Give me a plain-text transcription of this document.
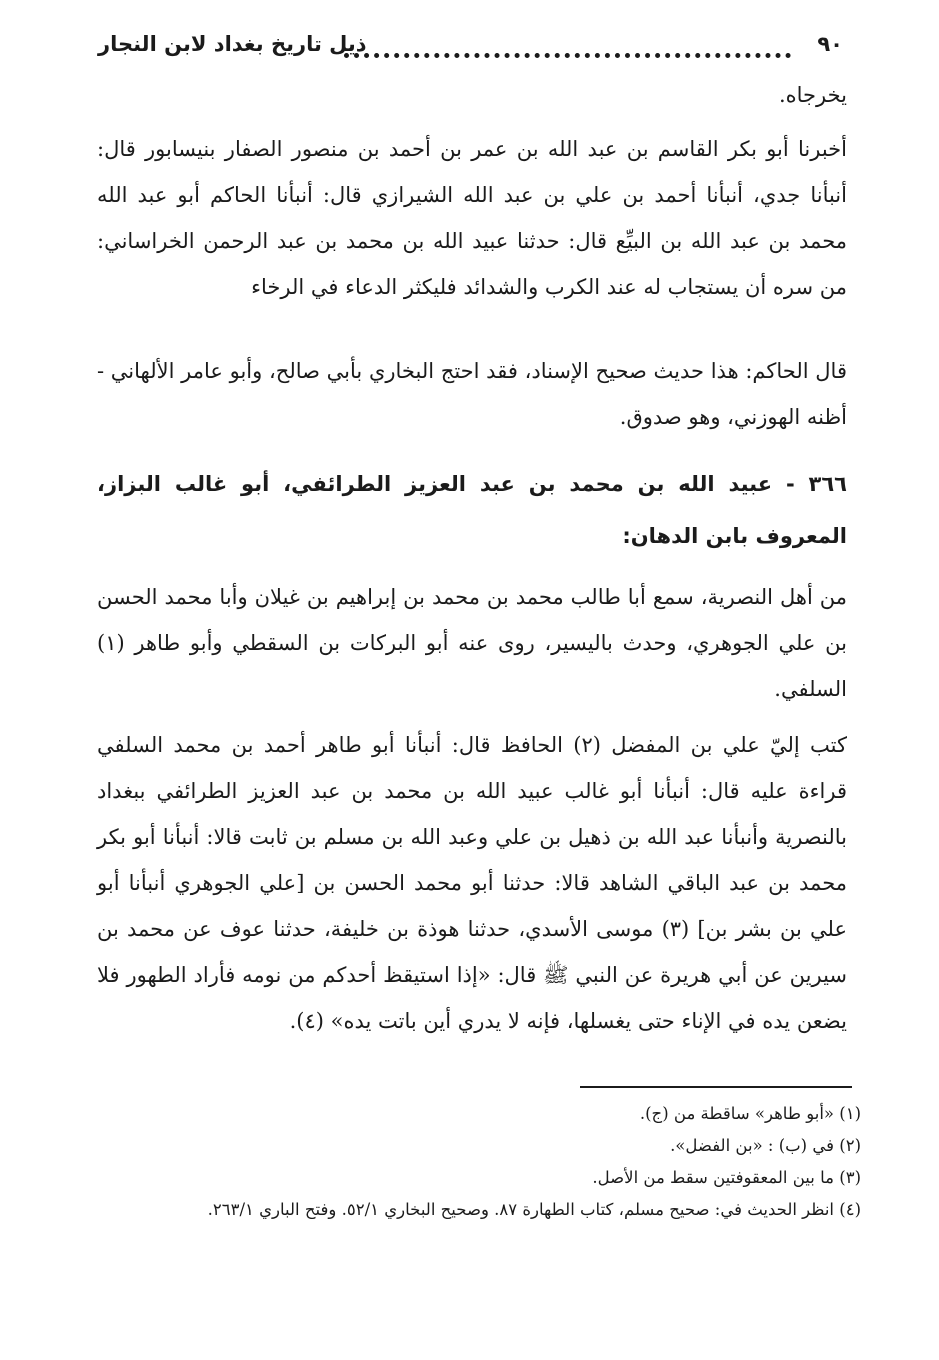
٩٠
ذيل تاريخ بغداد لابن النجار
يخرجاه.
أخبرنا أبو بكر القاسم بن عبد الله بن عمر بن أحمد بن منصور الصفار بنيسابور قال: أنبأنا جدي، أنبأنا أحمد بن علي بن عبد الله الشيرازي قال: أنبأنا الحاكم أبو عبد الله محمد بن عبد الله بن البيِّع قال: حدثنا عبيد الله بن محمد بن عبد الرحمن الخراساني: من سره أن يستجاب له عند الكرب والشدائد فليكثر الدعاء في الرخاء
قال الحاكم: هذا حديث صحيح الإسناد، فقد احتج البخاري بأبي صالح، وأبو عامر الألهاني - أظنه الهوزني، وهو صدوق.
٣٦٦ - عبيد الله بن محمد بن عبد العزيز الطرائفي، أبو غالب البزاز، المعروف بابن الدهان:
من أهل النصرية، سمع أبا طالب محمد بن محمد بن إبراهيم بن غيلان وأبا محمد الحسن بن علي الجوهري، وحدث باليسير، روى عنه أبو البركات بن السقطي وأبو طاهر (١) السلفي.
كتب إليّ علي بن المفضل (٢) الحافظ قال: أنبأنا أبو طاهر أحمد بن محمد السلفي قراءة عليه قال: أنبأنا أبو غالب عبيد الله بن محمد بن عبد العزيز الطرائفي ببغداد بالنصرية وأنبأنا عبد الله بن ذهيل بن علي وعبد الله بن مسلم بن ثابت قالا: أنبأنا أبو بكر محمد بن عبد الباقي الشاهد قالا: حدثنا أبو محمد الحسن بن [علي الجوهري أنبأنا أبو علي بن بشر بن] (٣) موسى الأسدي، حدثنا هوذة بن خليفة، حدثنا عوف عن محمد بن سيرين عن أبي هريرة عن النبي ﷺ قال: «إذا استيقظ أحدكم من نومه فأراد الطهور فلا يضعن يده في الإناء حتى يغسلها، فإنه لا يدري أين باتت يده» (٤).

(١) «أبو طاهر» ساقطة من (ج).

(٢) في (ب) : «بن الفضل».

(٣) ما بين المعقوفتين سقط من الأصل.

(٤) انظر الحديث في: صحيح مسلم، كتاب الطهارة ٨٧. وصحيح البخاري ٥٢/١. وفتح الباري ٢٦٣/١.
